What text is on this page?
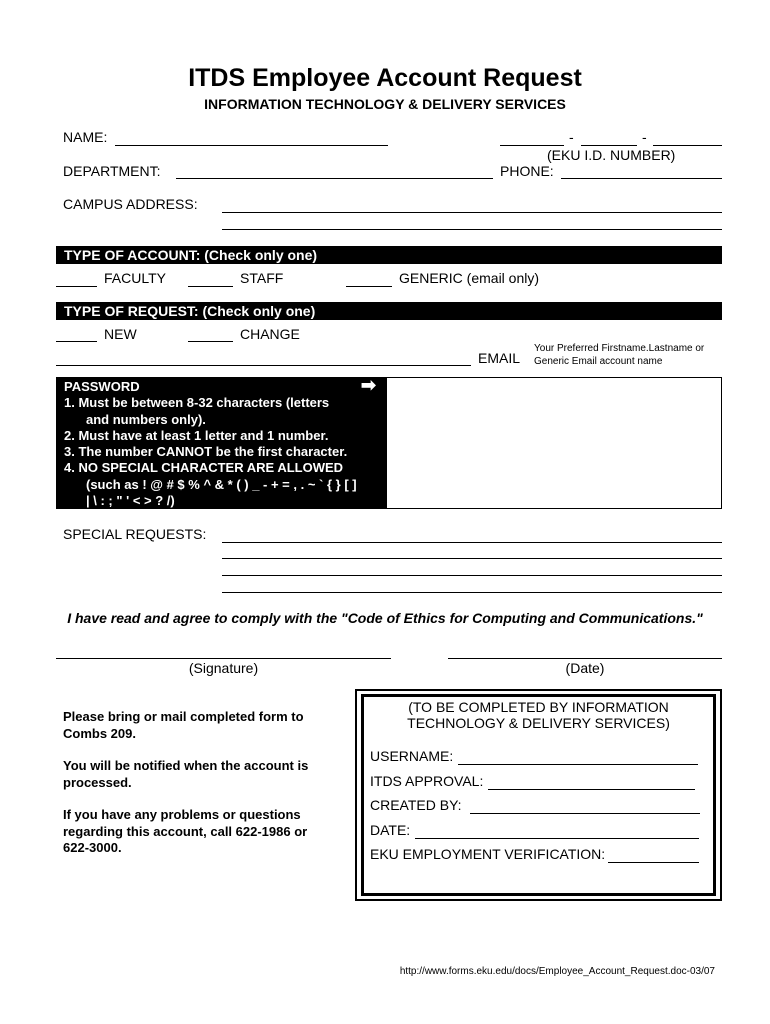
ITDS Employee Account Request
INFORMATION TECHNOLOGY & DELIVERY SERVICES
NAME:	-	-
(EKU I.D. NUMBER)
DEPARTMENT:	PHONE:
CAMPUS ADDRESS:
TYPE OF ACCOUNT: (Check only one)
FACULTY	STAFF	GENERIC (email only)
TYPE OF REQUEST: (Check only one)
NEW	CHANGE
EMAIL
Your Preferred Firstname.Lastname or
Generic Email account name
PASSWORD	➡
1. Must be between 8-32 characters (letters
and numbers only).
2. Must have at least 1 letter and 1 number.
3. The number CANNOT be the first character.
4. NO SPECIAL CHARACTER ARE ALLOWED
(such as ! @ # $ % ^ & * ( ) _ - + = , . ~ ` { } [ ]
| \ : ; " ' < > ? /)
SPECIAL REQUESTS:
I have read and agree to comply with the "Code of Ethics for Computing and Communications."
(Signature)	(Date)
Please bring or mail completed form to Combs 209.
You will be notified when the account is processed.
If you have any problems or questions regarding this account, call 622-1986 or 622-3000.
(TO BE COMPLETED BY INFORMATION
TECHNOLOGY & DELIVERY SERVICES)
USERNAME:
ITDS APPROVAL:
CREATED BY:
DATE:
EKU EMPLOYMENT VERIFICATION:
http://www.forms.eku.edu/docs/Employee_Account_Request.doc-03/07
